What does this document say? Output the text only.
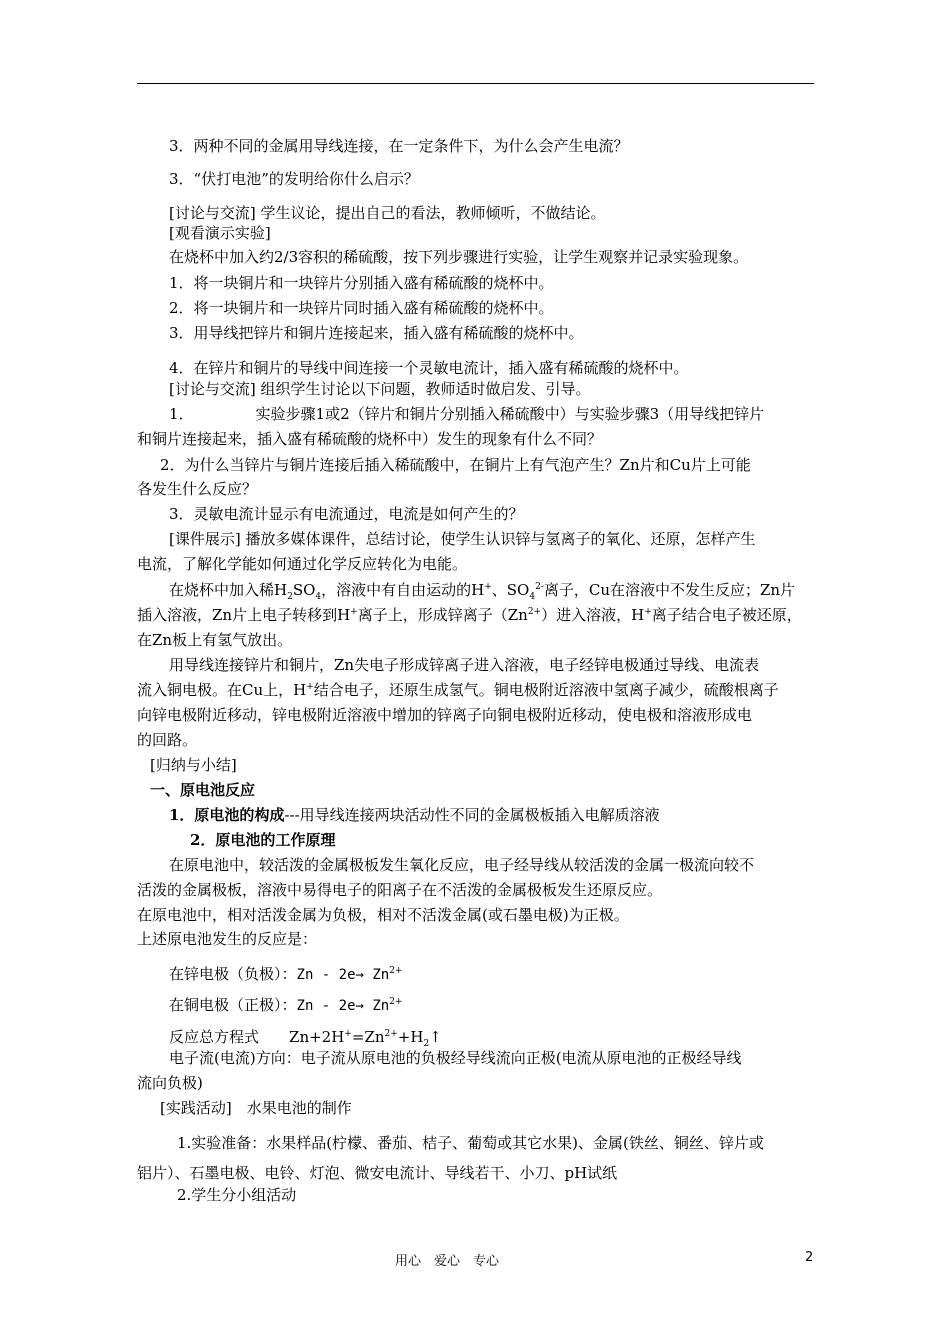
3．两种不同的金属用导线连接，在一定条件下，为什么会产生电流？
3．“伏打电池”的发明给你什么启示？
[讨论与交流] 学生议论，提出自己的看法，教师倾听，不做结论。
[观看演示实验]
在烧杯中加入约2/3容积的稀硫酸，按下列步骤进行实验，让学生观察并记录实验现象。
1．将一块铜片和一块锌片分别插入盛有稀硫酸的烧杯中。
2．将一块铜片和一块锌片同时插入盛有稀硫酸的烧杯中。
3．用导线把锌片和铜片连接起来，插入盛有稀硫酸的烧杯中。
4．在锌片和铜片的导线中间连接一个灵敏电流计，插入盛有稀硫酸的烧杯中。
[讨论与交流] 组织学生讨论以下问题，教师适时做启发、引导。
1．	实验步骤1或2（锌片和铜片分别插入稀硫酸中）与实验步骤3（用导线把锌片
和铜片连接起来，插入盛有稀硫酸的烧杯中）发生的现象有什么不同？
2．为什么当锌片与铜片连接后插入稀硫酸中，在铜片上有气泡产生？Zn片和Cu片上可能
各发生什么反应？
3．灵敏电流计显示有电流通过，电流是如何产生的？
[课件展示] 播放多媒体课件，总结讨论，使学生认识锌与氢离子的氧化、还原，怎样产生
电流，了解化学能如何通过化学反应转化为电能。
在烧杯中加入稀$H_2SO_4$，溶液中有自由运动的H+、$SO_4^{2-}$离子，Cu在溶液中不发生反应；Zn片
插入溶液，Zn片上电子转移到H+离子上，形成锌离子$(Zn^{2+})$进入溶液，H+离子结合电子被还原，
在Zn板上有氢气放出。
用导线连接锌片和铜片，Zn失电子形成锌离子进入溶液，电子经锌电极通过导线、电流表
流入铜电极。在Cu上，H+结合电子，还原生成氢气。铜电极附近溶液中氢离子减少，硫酸根离子
向锌电极附近移动，锌电极附近溶液中增加的锌离子向铜电极附近移动，使电极和溶液形成电
的回路。
[归纳与小结]
一、原电池反应
1．原电池的构成---用导线连接两块活动性不同的金属极板插入电解质溶液
2．原电池的工作原理
在原电池中，较活泼的金属极板发生氧化反应，电子经导线从较活泼的金属一极流向较不
活泼的金属极板，溶液中易得电子的阳离子在不活泼的金属极板发生还原反应。
在原电池中，相对活泼金属为负极，相对不活泼金属(或石墨电极)为正极。
上述原电池发生的反应是：
在锌电极（负极）：$Zn - 2e\to Zn^{2+}$
在铜电极（正极）：$Zn - 2e\to Zn^{2+}$
反应总方程式 $Zn+2H^+=Zn^{2+}+H_2↑$
电子流(电流)方向：电子流从原电池的负极经导线流向正极(电流从原电池的正极经导线
流向负极)
[实践活动]　水果电池的制作
1.实验准备：水果样品(柠檬、番茄、桔子、葡萄或其它水果)、金属(铁丝、铜丝、锌片或
铝片）、石墨电极、电铃、灯泡、微安电流计、导线若干、小刀、pH试纸
2.学生分小组活动
用心　爱心　专心	2
